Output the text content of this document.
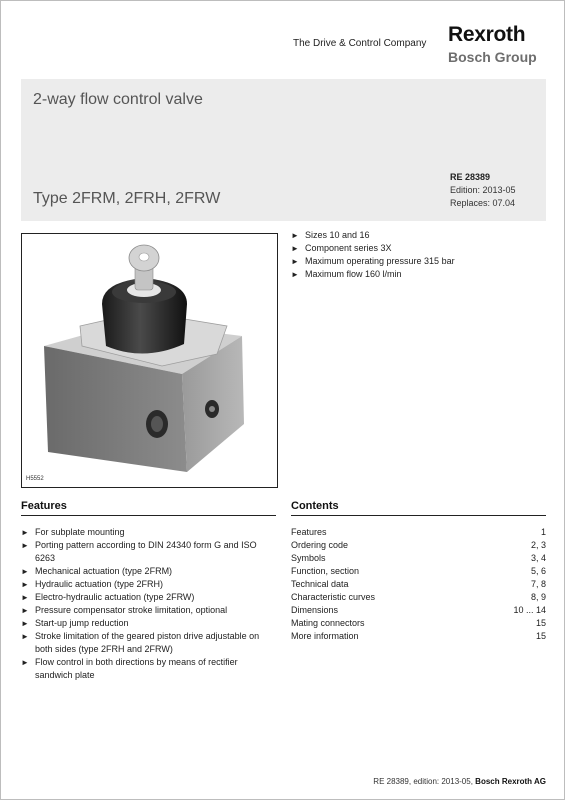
The Drive & Control Company Rexroth
Bosch Group
2-way flow control valve
Type 2FRM, 2FRH, 2FRW
RE 28389
Edition: 2013-05
Replaces: 07.04
H5552
► Sizes 10 and 16
► Component series 3X
► Maximum operating pressure 315 bar
► Maximum flow 160 l/min
Features
► For subplate mounting
► Porting pattern according to DIN 24340 form G and ISO 6263
► Mechanical actuation (type 2FRM)
► Hydraulic actuation (type 2FRH)
► Electro-hydraulic actuation (type 2FRW)
► Pressure compensator stroke limitation, optional
► Start-up jump reduction
► Stroke limitation of the geared piston drive adjustable on both sides (type 2FRH and 2FRW)
► Flow control in both directions by means of rectifier sandwich plate
Contents
Features	1
Ordering code	2, 3
Symbols	3, 4
Function, section	5, 6
Technical data	7, 8
Characteristic curves	8, 9
Dimensions	10 ... 14
Mating connectors	15
More information	15
RE 28389, edition: 2013-05, Bosch Rexroth AG
